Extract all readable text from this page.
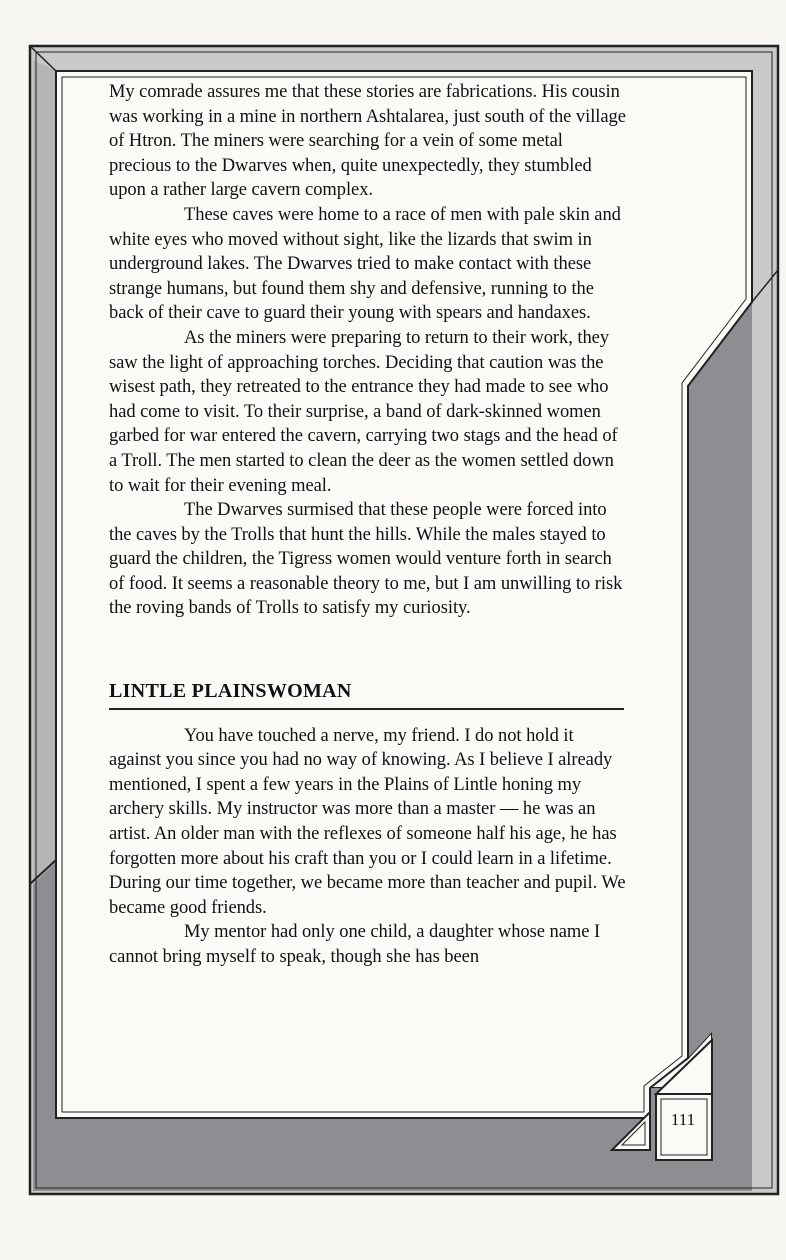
My comrade assures me that these stories are fabrications. His cousin was working in a mine in northern Ashtalarea, just south of the village of Htron. The miners were searching for a vein of some metal precious to the Dwarves when, quite unexpectedly, they stumbled upon a rather large cavern complex.

These caves were home to a race of men with pale skin and white eyes who moved without sight, like the lizards that swim in underground lakes. The Dwarves tried to make contact with these strange humans, but found them shy and defensive, running to the back of their cave to guard their young with spears and handaxes.

As the miners were preparing to return to their work, they saw the light of approaching torches. Deciding that caution was the wisest path, they retreated to the entrance they had made to see who had come to visit. To their surprise, a band of dark-skinned women garbed for war entered the cavern, carrying two stags and the head of a Troll. The men started to clean the deer as the women settled down to wait for their evening meal.

The Dwarves surmised that these people were forced into the caves by the Trolls that hunt the hills. While the males stayed to guard the children, the Tigress women would venture forth in search of food. It seems a reasonable theory to me, but I am unwilling to risk the roving bands of Trolls to satisfy my curiosity.

LINTLE PLAINSWOMAN

You have touched a nerve, my friend. I do not hold it against you since you had no way of knowing. As I believe I already mentioned, I spent a few years in the Plains of Lintle honing my archery skills. My instructor was more than a master — he was an artist. An older man with the reflexes of someone half his age, he has forgotten more about his craft than you or I could learn in a lifetime. During our time together, we became more than teacher and pupil. We became good friends.

My mentor had only one child, a daughter whose name I cannot bring myself to speak, though she has been

111
